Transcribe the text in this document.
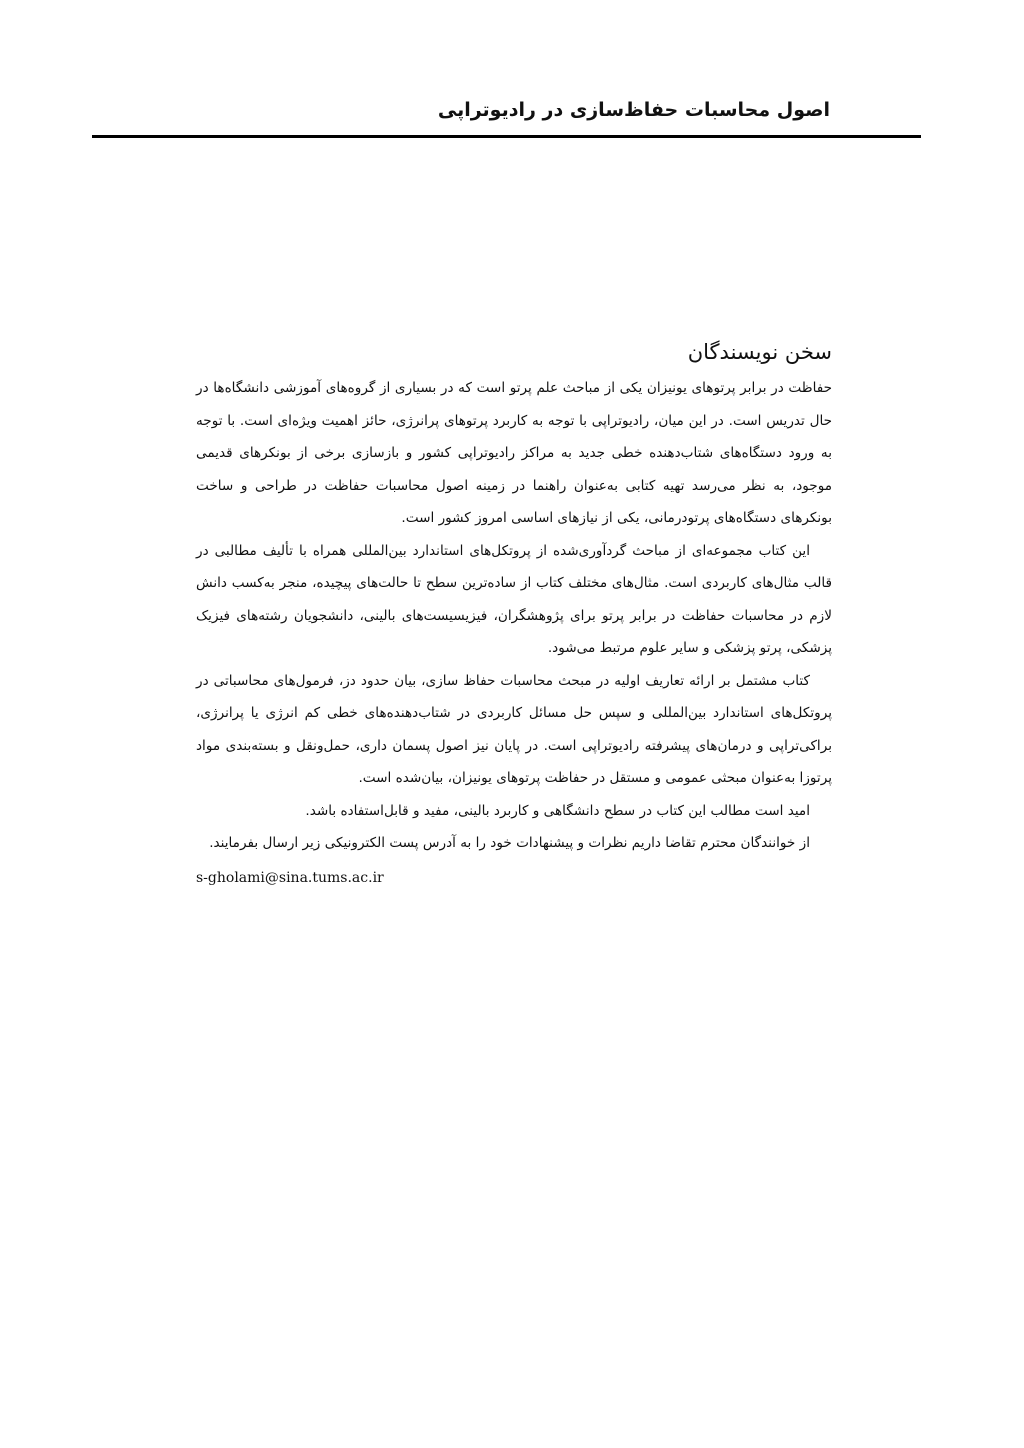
اصول محاسبات حفاظ‌سازی در رادیوتراپی
سخن نویسندگان

حفاظت در برابر پرتوهای یونیزان یکی از مباحث علم پرتو است که در بسیاری از گروه‌های آموزشی دانشگاه‌ها در حال تدریس است. در این میان، رادیوتراپی با توجه به کاربرد پرتوهای پرانرژی، حائز اهمیت ویژه‌ای است. با توجه به ورود دستگاه‌های شتاب‌دهنده خطی جدید به مراکز رادیوتراپی کشور و بازسازی برخی از بونکرهای قدیمی موجود، به نظر می‌رسد تهیه کتابی به‌عنوان راهنما در زمینه اصول محاسبات حفاظت در طراحی و ساخت بونکرهای دستگاه‌های پرتودرمانی، یکی از نیازهای اساسی امروز کشور است.

این کتاب مجموعه‌ای از مباحث گردآوری‌شده از پروتکل‌های استاندارد بین‌المللی همراه با تألیف مطالبی در قالب مثال‌های کاربردی است. مثال‌های مختلف کتاب از ساده‌ترین سطح تا حالت‌های پیچیده، منجر به‌کسب دانش لازم در محاسبات حفاظت در برابر پرتو برای پژوهشگران، فیزیسیست‌های بالینی، دانشجویان رشته‌های فیزیک پزشکی، پرتو پزشکی و سایر علوم مرتبط می‌شود.

کتاب مشتمل بر ارائه تعاریف اولیه در مبحث محاسبات حفاظ سازی، بیان حدود دز، فرمول‌های محاسباتی در پروتکل‌های استاندارد بین‌المللی و سپس حل مسائل کاربردی در شتاب‌دهنده‌های خطی کم انرژی یا پرانرژی، براکی‌تراپی و درمان‌های پیشرفته رادیوتراپی است. در پایان نیز اصول پسمان داری، حمل‌ونقل و بسته‌بندی مواد پرتوزا به‌عنوان مبحثی عمومی و مستقل در حفاظت پرتوهای یونیزان، بیان‌شده است.

امید است مطالب این کتاب در سطح دانشگاهی و کاربرد بالینی، مفید و قابل‌استفاده باشد.

از خوانندگان محترم تقاضا داریم نظرات و پیشنهادات خود را به آدرس پست الکترونیکی زیر ارسال بفرمایند.

s-gholami@sina.tums.ac.ir
